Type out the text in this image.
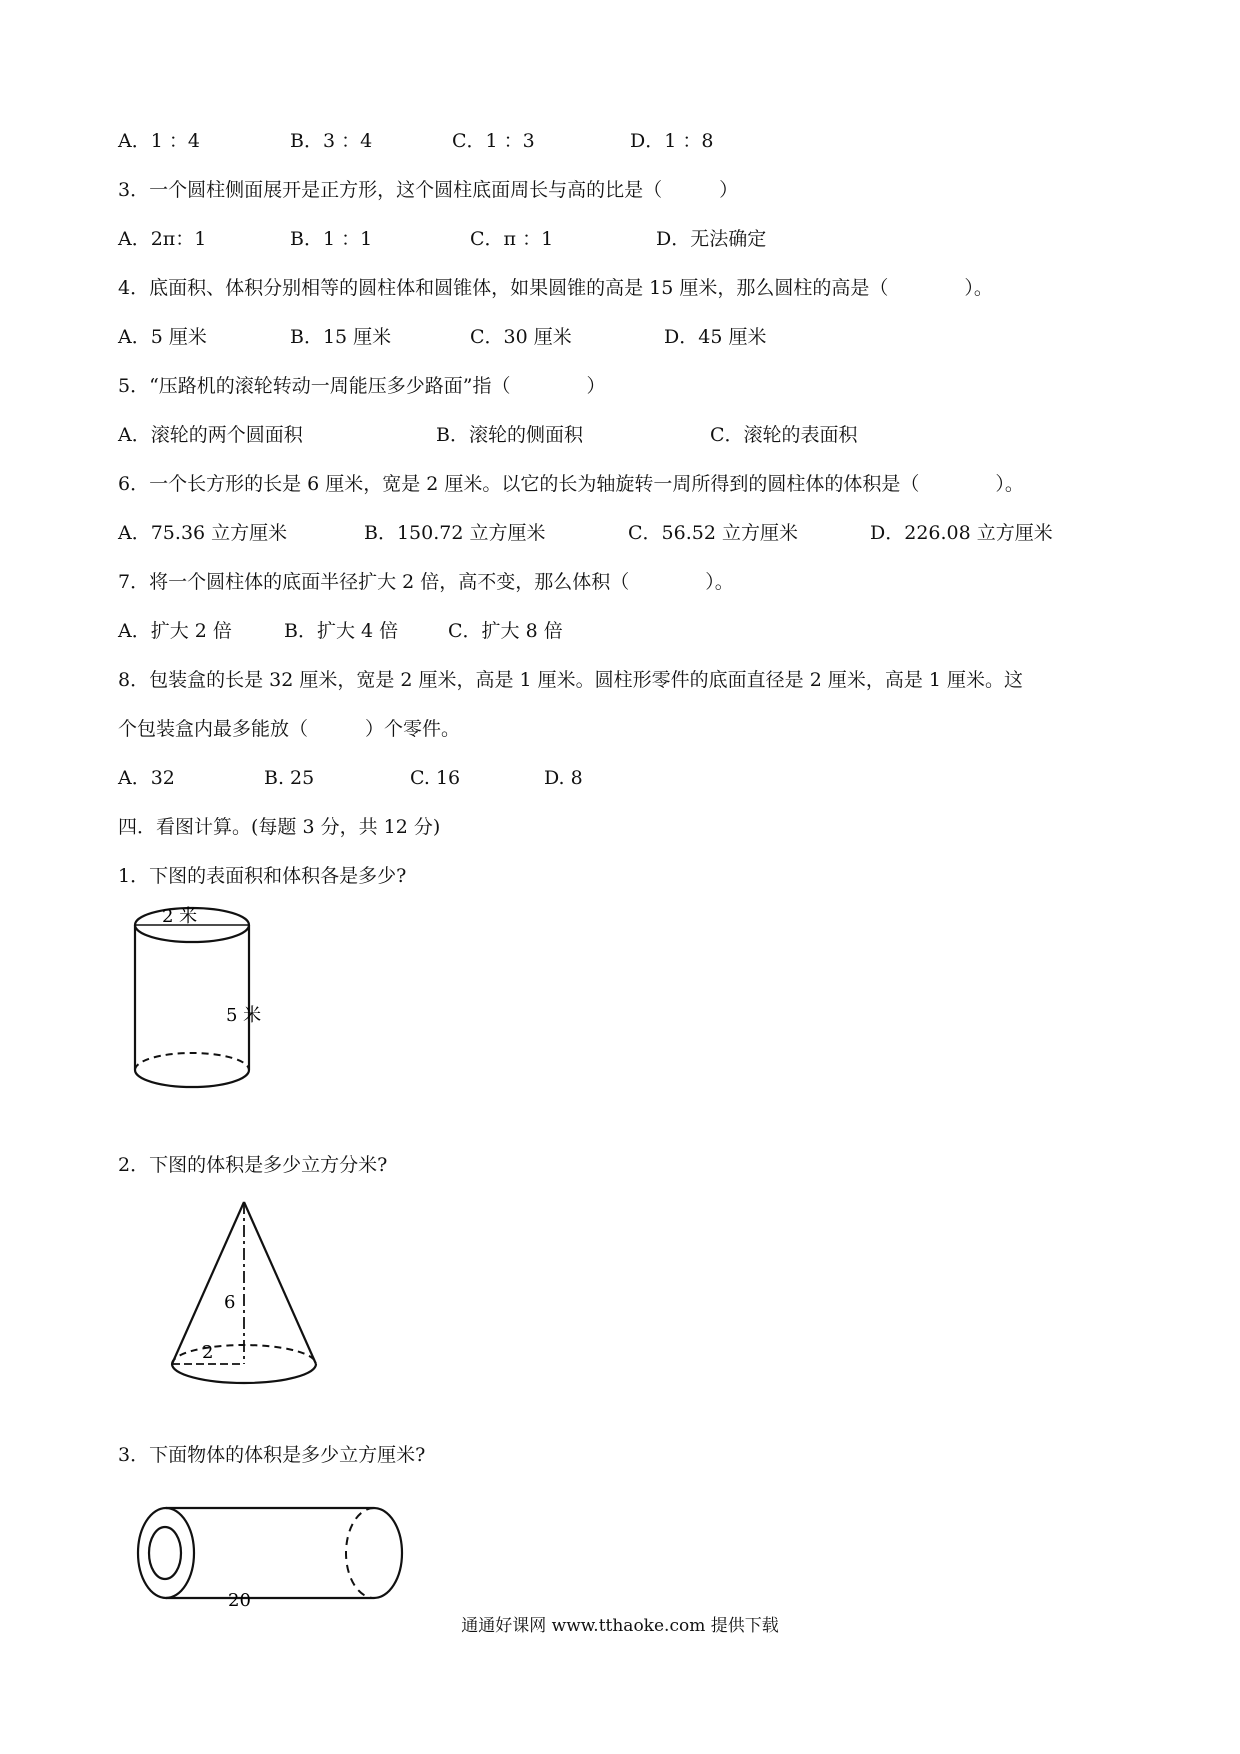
A．1 ：4	B．3 ：4	C．1 ：3	D．1 ：8
3．一个圆柱侧面展开是正方形，这个圆柱底面周长与高的比是（　　　）
A．2π：1	B．1 ：1	C．π ：1	D．无法确定
4．底面积、体积分别相等的圆柱体和圆锥体，如果圆锥的高是 15 厘米，那么圆柱的高是（　　　　）。
A．5 厘米	B．15 厘米	C．30 厘米	D．45 厘米
5．“压路机的滚轮转动一周能压多少路面”指（　　　　）
A．滚轮的两个圆面积	B．滚轮的侧面积	C．滚轮的表面积
6．一个长方形的长是 6 厘米，宽是 2 厘米。以它的长为轴旋转一周所得到的圆柱体的体积是（　　　　）。
A．75.36 立方厘米	B．150.72 立方厘米	C．56.52 立方厘米	D．226.08 立方厘米
7．将一个圆柱体的底面半径扩大 2 倍，高不变，那么体积（　　　　）。
A．扩大 2 倍	B．扩大 4 倍	C．扩大 8 倍
8．包装盒的长是 32 厘米，宽是 2 厘米，高是 1 厘米。圆柱形零件的底面直径是 2 厘米，高是 1 厘米。这
个包装盒内最多能放（　　　）个零件。
A．32	B. 25	C. 16	D. 8
四．看图计算。(每题 3 分，共 12 分)
1．下图的表面积和体积各是多少?
2 米
5 米
2．下图的体积是多少立方分米?
6
2
3．下面物体的体积是多少立方厘米?
20
通通好课网 www.tthaoke.com 提供下载
